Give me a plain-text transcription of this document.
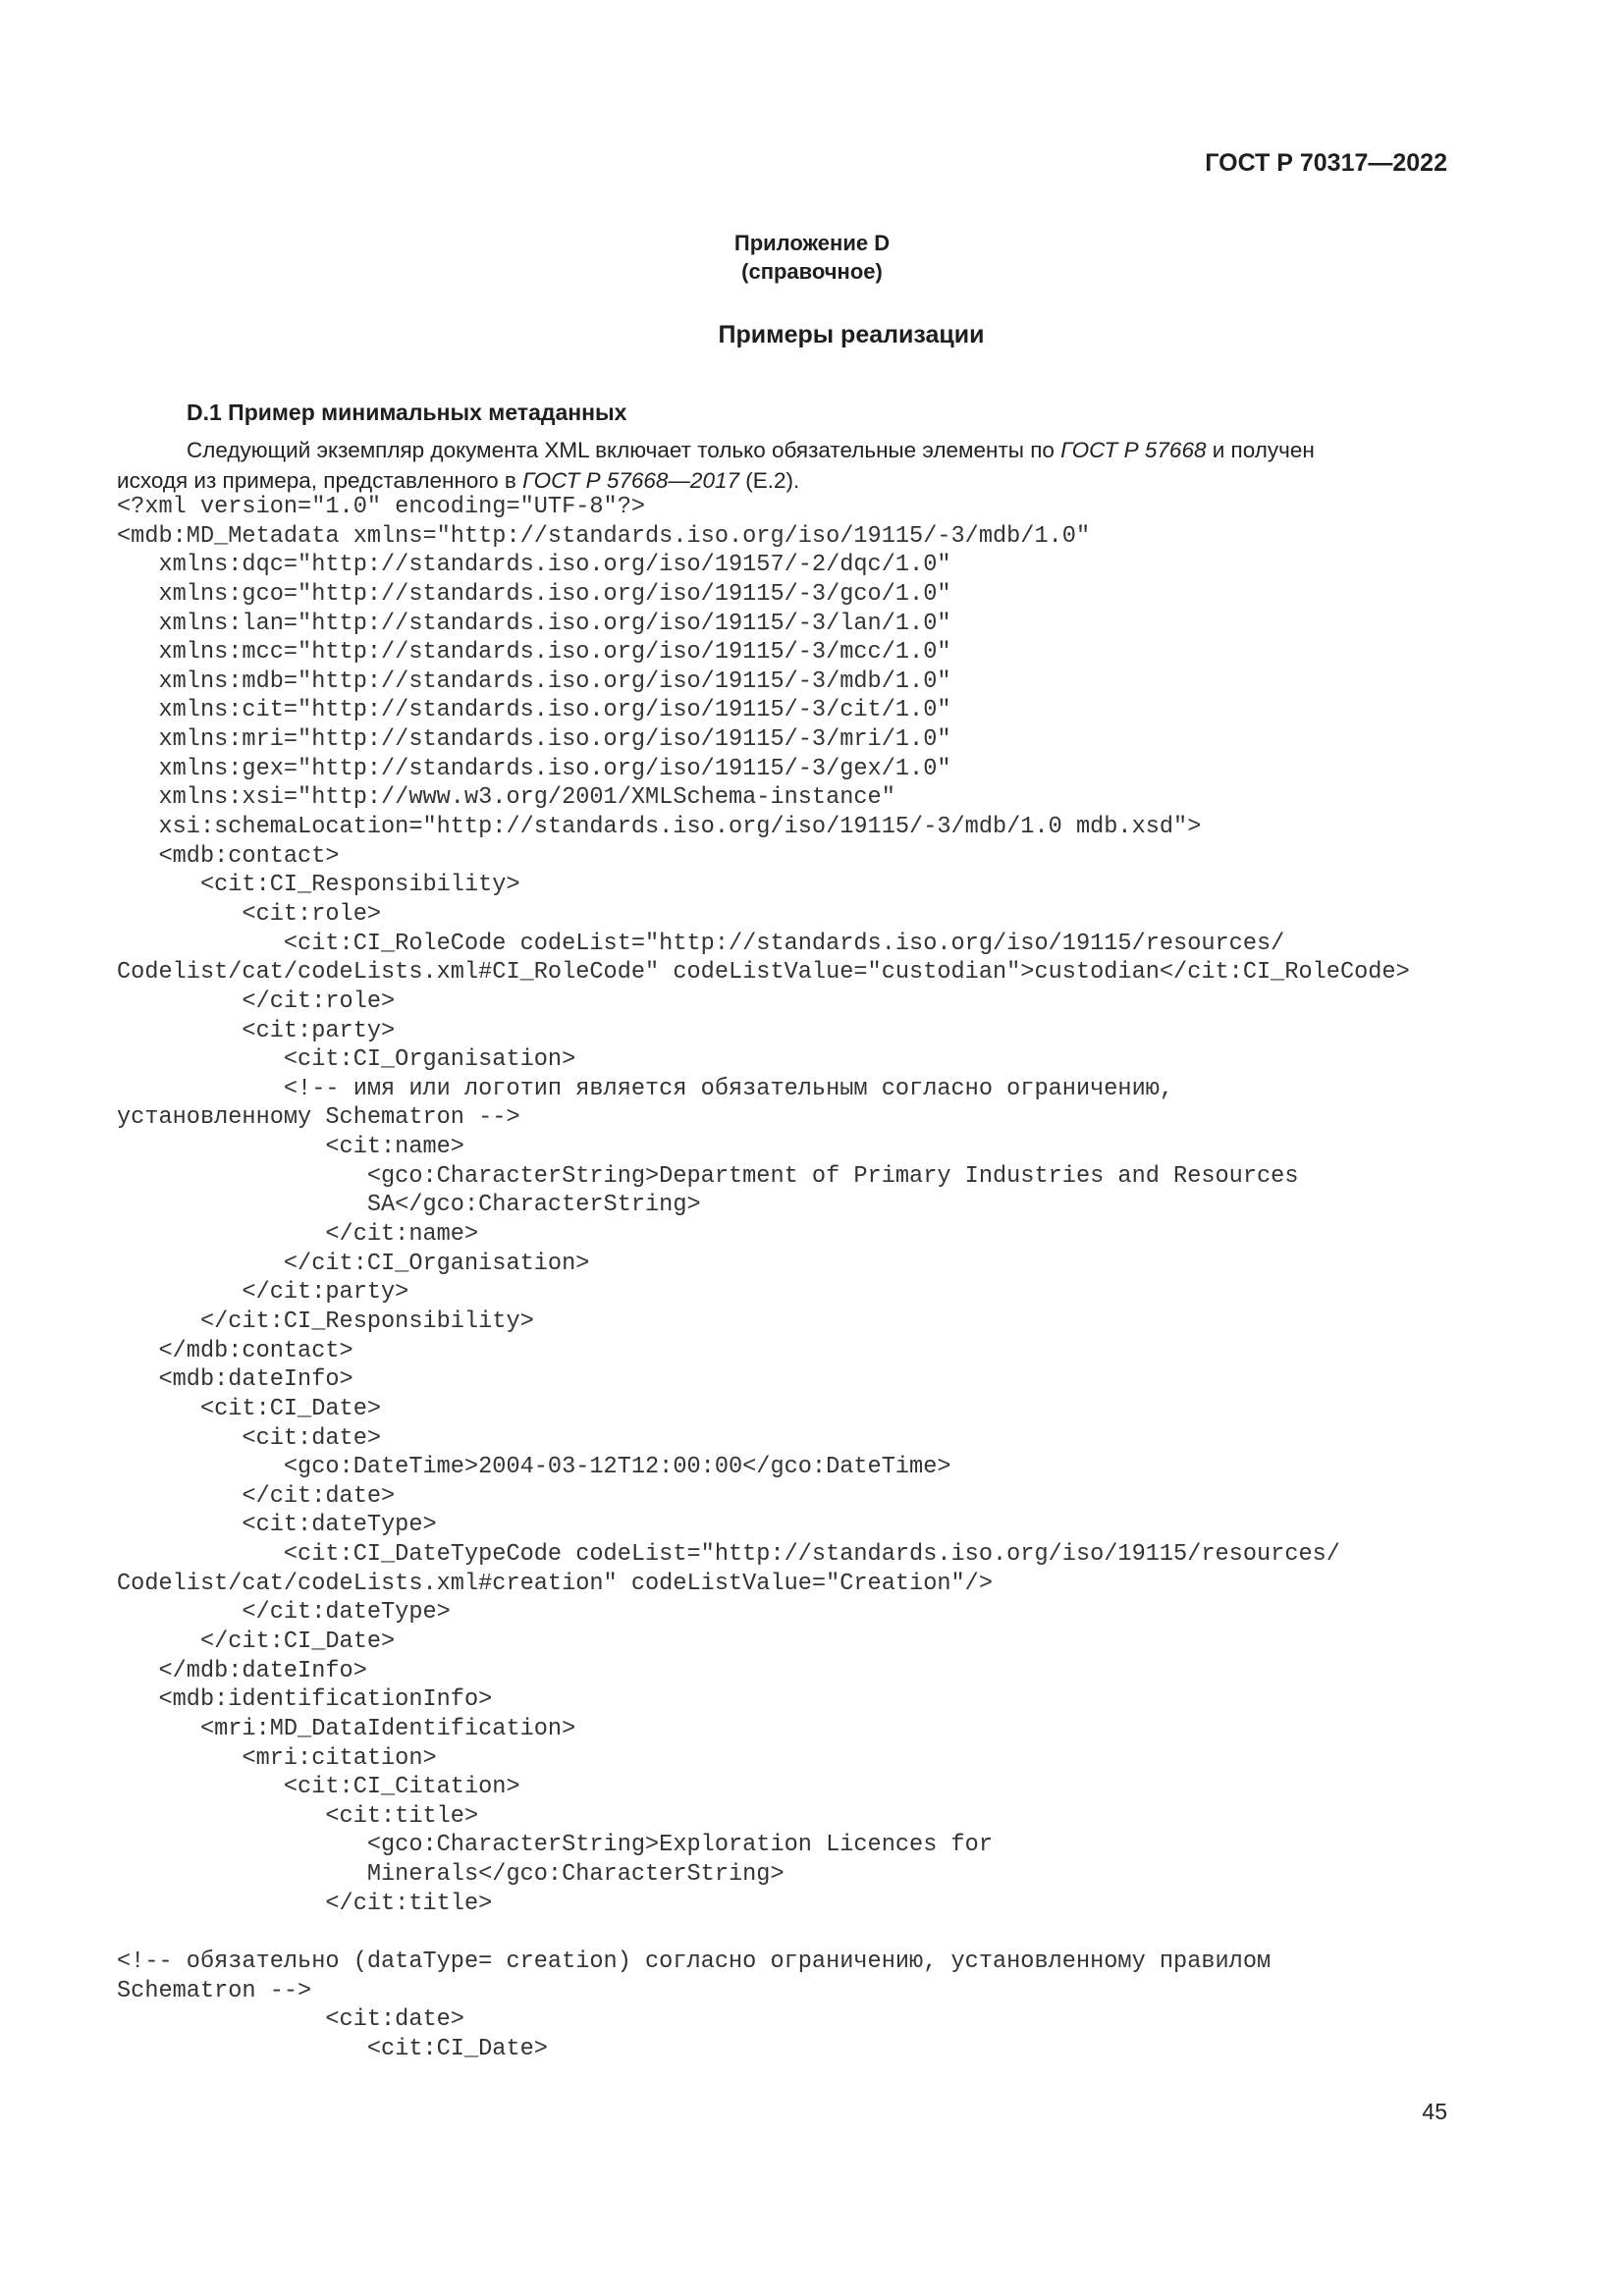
ГОСТ Р 70317—2022
Приложение D
(справочное)
Примеры реализации
D.1 Пример минимальных метаданных
Следующий экземпляр документа XML включает только обязательные элементы по ГОСТ Р 57668 и получен
исходя из примера, представленного в ГОСТ Р 57668—2017 (E.2).
<?xml version="1.0" encoding="UTF-8"?>
<mdb:MD_Metadata xmlns="http://standards.iso.org/iso/19115/-3/mdb/1.0"
xmlns:dqc="http://standards.iso.org/iso/19157/-2/dqc/1.0"
xmlns:gco="http://standards.iso.org/iso/19115/-3/gco/1.0"
xmlns:lan="http://standards.iso.org/iso/19115/-3/lan/1.0"
xmlns:mcc="http://standards.iso.org/iso/19115/-3/mcc/1.0"
xmlns:mdb="http://standards.iso.org/iso/19115/-3/mdb/1.0"
xmlns:cit="http://standards.iso.org/iso/19115/-3/cit/1.0"
xmlns:mri="http://standards.iso.org/iso/19115/-3/mri/1.0"
xmlns:gex="http://standards.iso.org/iso/19115/-3/gex/1.0"
xmlns:xsi="http://www.w3.org/2001/XMLSchema-instance"
xsi:schemaLocation="http://standards.iso.org/iso/19115/-3/mdb/1.0 mdb.xsd">
<mdb:contact>
<cit:CI_Responsibility>
<cit:role>
<cit:CI_RoleCode codeList="http://standards.iso.org/iso/19115/resources/
Codelist/cat/codeLists.xml#CI_RoleCode" codeListValue="custodian">custodian</cit:CI_RoleCode>
</cit:role>
<cit:party>
<cit:CI_Organisation>
<!-- имя или логотип является обязательным согласно ограничению,
установленному Schematron -->
<cit:name>
<gco:CharacterString>Department of Primary Industries and Resources
SA</gco:CharacterString>
</cit:name>
</cit:CI_Organisation>
</cit:party>
</cit:CI_Responsibility>
</mdb:contact>
<mdb:dateInfo>
<cit:CI_Date>
<cit:date>
<gco:DateTime>2004-03-12T12:00:00</gco:DateTime>
</cit:date>
<cit:dateType>
<cit:CI_DateTypeCode codeList="http://standards.iso.org/iso/19115/resources/
Codelist/cat/codeLists.xml#creation" codeListValue="Creation"/>
</cit:dateType>
</cit:CI_Date>
</mdb:dateInfo>
<mdb:identificationInfo>
<mri:MD_DataIdentification>
<mri:citation>
<cit:CI_Citation>
<cit:title>
<gco:CharacterString>Exploration Licences for
Minerals</gco:CharacterString>
</cit:title>
<!-- обязательно (dataType= creation) согласно ограничению, установленному правилом
Schematron -->
<cit:date>
<cit:CI_Date>
45
